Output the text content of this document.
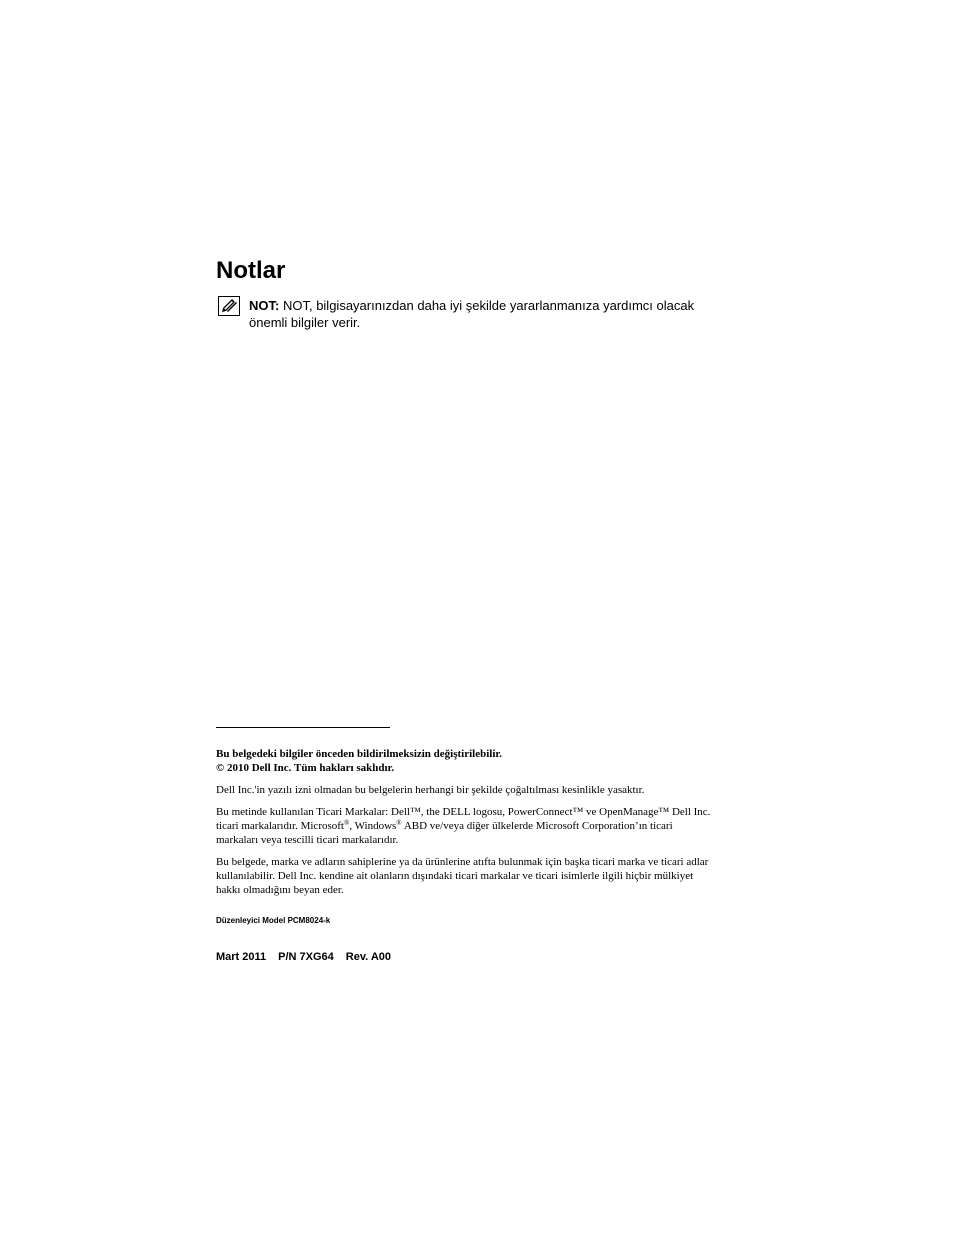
Notlar

NOT: NOT, bilgisayarınızdan daha iyi şekilde yararlanmanıza yardımcı olacak önemli bilgiler verir.

Bu belgedeki bilgiler önceden bildirilmeksizin değiştirilebilir.
© 2010 Dell Inc. Tüm hakları saklıdır.

Dell Inc.'in yazılı izni olmadan bu belgelerin herhangi bir şekilde çoğaltılması kesinlikle yasaktır.

Bu metinde kullanılan Ticari Markalar: Dell™, the DELL logosu, PowerConnect™ ve OpenManage™ Dell Inc. ticari markalarıdır. Microsoft®, Windows® ABD ve/veya diğer ülkelerde Microsoft Corporation’ın ticari markaları veya tescilli ticari markalarıdır.

Bu belgede, marka ve adların sahiplerine ya da ürünlerine atıfta bulunmak için başka ticari marka ve ticari adlar kullanılabilir. Dell Inc. kendine ait olanların dışındaki ticari markalar ve ticari isimlerle ilgili hiçbir mülkiyet hakkı olmadığını beyan eder.

Düzenleyici Model PCM8024-k

Mart 2011 P/N 7XG64 Rev. A00
